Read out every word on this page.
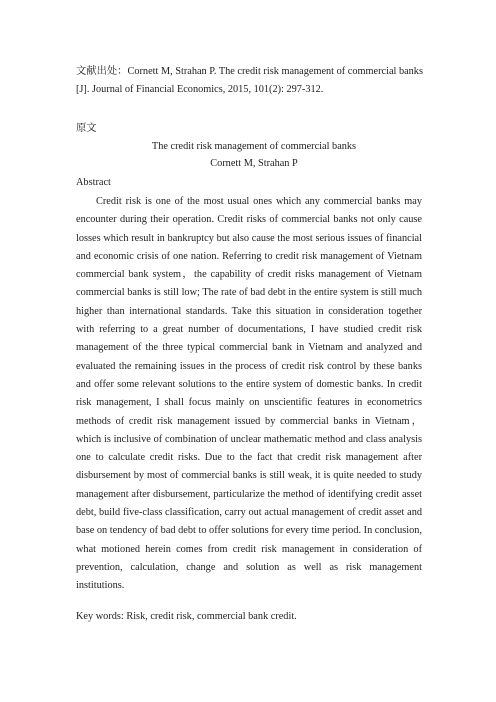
文献出处：Cornett M, Strahan P. The credit risk management of commercial banks [J]. Journal of Financial Economics, 2015, 101(2): 297-312.
原文
The credit risk management of commercial banks
Cornett M, Strahan P
Abstract

Credit risk is one of the most usual ones which any commercial banks may encounter during their operation. Credit risks of commercial banks not only cause losses which result in bankruptcy but also cause the most serious issues of financial and economic crisis of one nation. Referring to credit risk management of Vietnam commercial bank system，the capability of credit risks management of Vietnam commercial banks is still low; The rate of bad debt in the entire system is still much higher than international standards. Take this situation in consideration together with referring to a great number of documentations, I have studied credit risk management of the three typical commercial bank in Vietnam and analyzed and evaluated the remaining issues in the process of credit risk control by these banks and offer some relevant solutions to the entire system of domestic banks. In credit risk management, I shall focus mainly on unscientific features in econometrics methods of credit risk management issued by commercial banks in Vietnam，which is inclusive of combination of unclear mathematic method and class analysis one to calculate credit risks. Due to the fact that credit risk management after disbursement by most of commercial banks is still weak, it is quite needed to study management after disbursement, particularize the method of identifying credit asset debt, build five-class classification, carry out actual management of credit asset and base on tendency of bad debt to offer solutions for every time period. In conclusion, what motioned herein comes from credit risk management in consideration of prevention, calculation, change and solution as well as risk management institutions.

Key words: Risk, credit risk, commercial bank credit.
